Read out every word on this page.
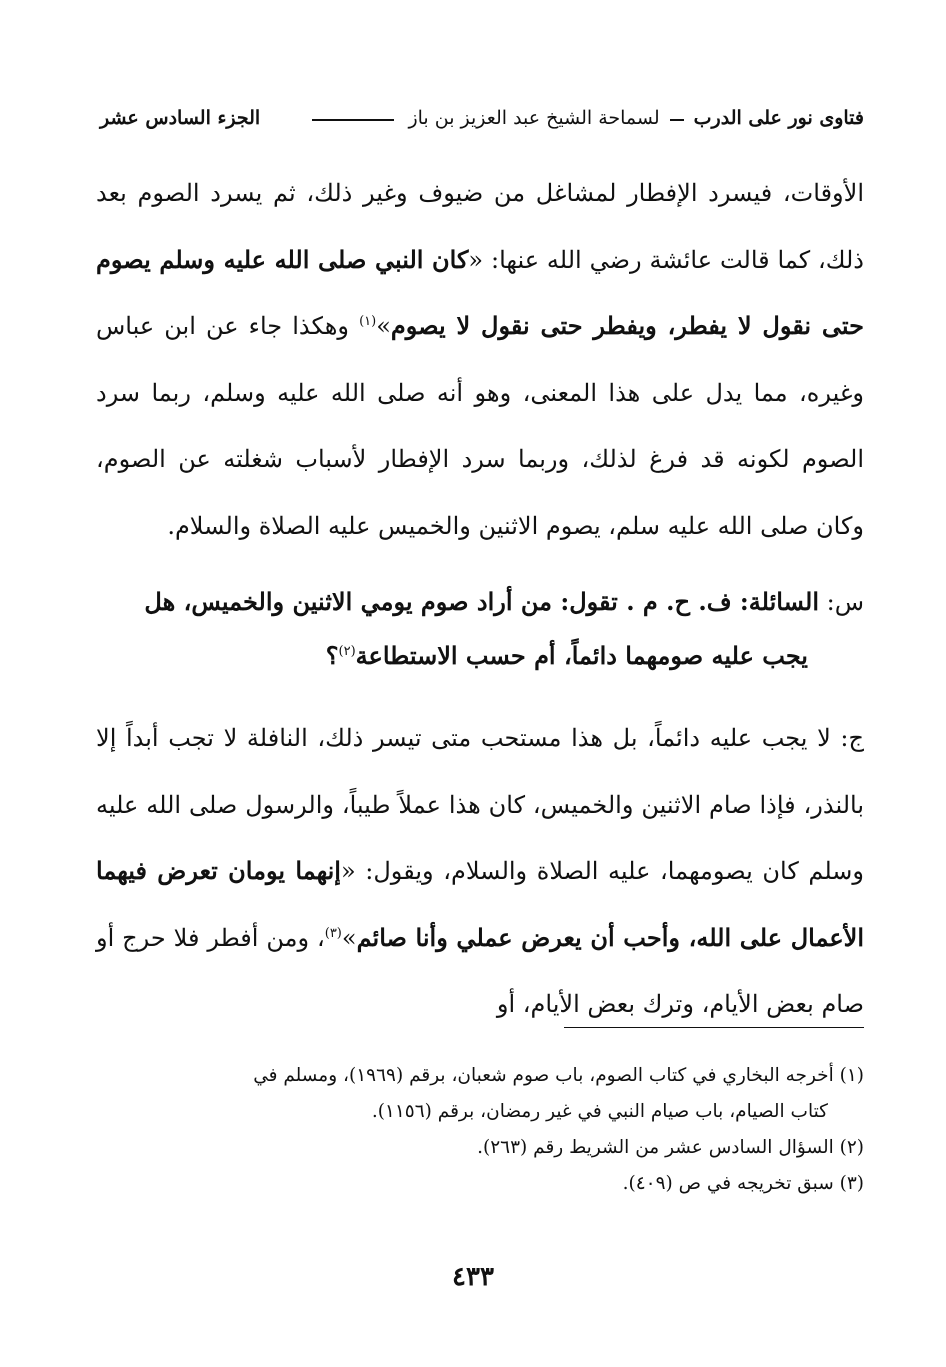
فتاوى نور على الدرب
لسماحة الشيخ عبد العزيز بن باز
الجزء السادس عشر

الأوقات، فيسرد الإفطار لمشاغل من ضيوف وغير ذلك، ثم يسرد الصوم بعد ذلك، كما قالت عائشة رضي الله عنها: «كان النبي صلى الله عليه وسلم يصوم حتى نقول لا يفطر، ويفطر حتى نقول لا يصوم»$^{(١)}$ وهكذا جاء عن ابن عباس وغيره، مما يدل على هذا المعنى، وهو أنه صلى الله عليه وسلم، ربما سرد الصوم لكونه قد فرغ لذلك، وربما سرد الإفطار لأسباب شغلته عن الصوم، وكان صلى الله عليه سلم، يصوم الاثنين والخميس عليه الصلاة والسلام.

س: السائلة: ف. ح. م . تقول: من أراد صوم يومي الاثنين والخميس، هل
يجب عليه صومهما دائماً، أم حسب الاستطاعة$^{(٢)}$؟

ج: لا يجب عليه دائماً، بل هذا مستحب متى تيسر ذلك، النافلة لا تجب أبداً إلا بالنذر، فإذا صام الاثنين والخميس، كان هذا عملاً طيباً، والرسول صلى الله عليه وسلم كان يصومهما، عليه الصلاة والسلام، ويقول: «إنهما يومان تعرض فيهما الأعمال على الله، وأحب أن يعرض عملي وأنا صائم»$^{(٣)}$، ومن أفطر فلا حرج أو صام بعض الأيام، وترك بعض الأيام، أو

(١) أخرجه البخاري في كتاب الصوم، باب صوم شعبان، برقم (١٩٦٩)، ومسلم في
كتاب الصيام، باب صيام النبي في غير رمضان، برقم (١١٥٦).

(٢) السؤال السادس عشر من الشريط رقم (٢٦٣).

(٣) سبق تخريجه في ص (٤٠٩).

٤٣٣
